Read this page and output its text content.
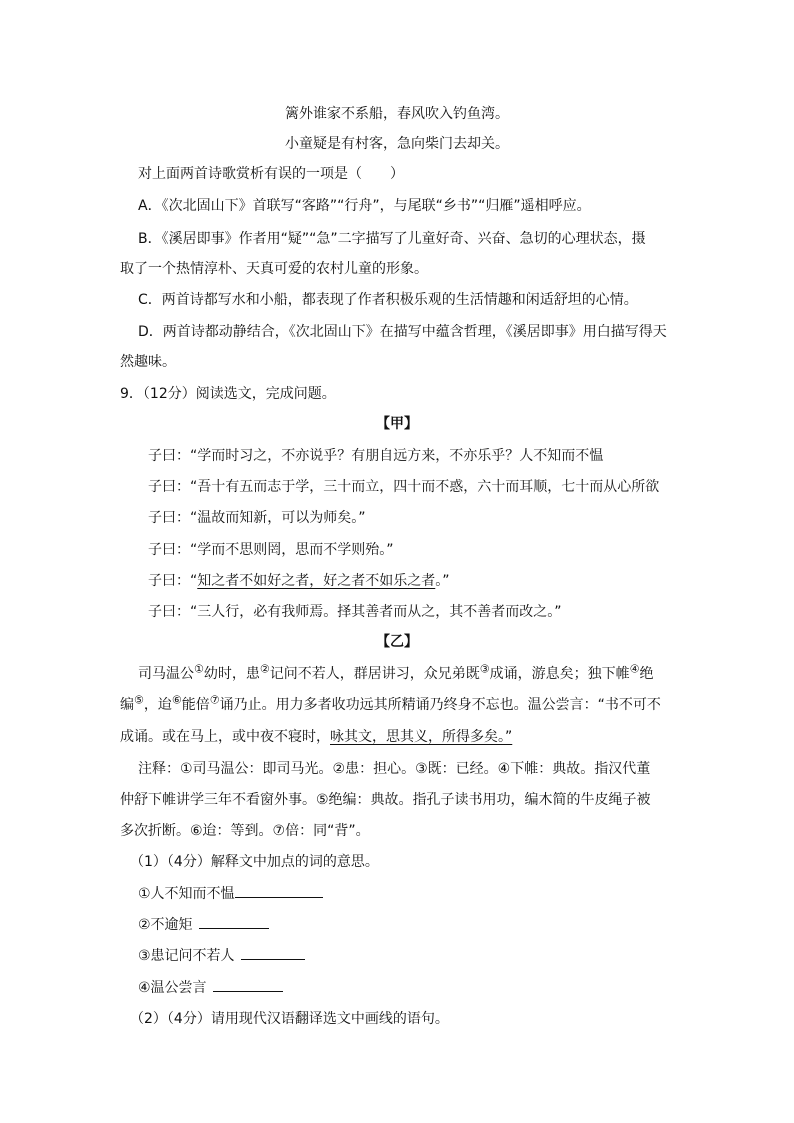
篱外谁家不系船，春风吹入钓鱼湾。
小童疑是有村客，急向柴门去却关。
对上面两首诗歌赏析有误的一项是（　　）
A．《次北固山下》首联写“客路”“行舟”，与尾联“乡书”“归雁”遥相呼应。
B．《溪居即事》作者用“疑”“急”二字描写了儿童好奇、兴奋、急切的心理状态，摄
取了一个热情淳朴、天真可爱的农村儿童的形象。
C．两首诗都写水和小船，都表现了作者积极乐观的生活情趣和闲适舒坦的心情。
D．两首诗都动静结合，《次北固山下》在描写中蕴含哲理，《溪居即事》用白描写得天
然趣味。
9．（12分）阅读选文，完成问题。
【甲】
子曰：“学而时习之，不亦说乎？有朋自远方来，不亦乐乎？人不知而不愠
子曰：“吾十有五而志于学，三十而立，四十而不惑，六十而耳顺，七十而从心所欲
子曰：“温故而知新，可以为师矣。”
子曰：“学而不思则罔，思而不学则殆。”
子曰：“知之者不如好之者，好之者不如乐之者。”
子曰：“三人行，必有我师焉。择其善者而从之，其不善者而改之。”
【乙】
司马温公①幼时，患②记问不若人，群居讲习，众兄弟既③成诵，游息矣；独下帷④绝
编⑤，迨⑥能倍⑦诵乃止。用力多者收功远其所精诵乃终身不忘也。温公尝言：“书不可不
成诵。或在马上，或中夜不寝时，咏其文，思其义，所得多矣。”
注释：①司马温公：即司马光。②患：担心。③既：已经。④下帷：典故。指汉代董
仲舒下帷讲学三年不看窗外事。⑤绝编：典故。指孔子读书用功，编木简的牛皮绳子被
多次折断。⑥迨：等到。⑦倍：同“背”。
（1）（4分）解释文中加点的词的意思。
①人不知而不愠
②不逾矩
③患记问不若人
④温公尝言
（2）（4分）请用现代汉语翻译选文中画线的语句。
